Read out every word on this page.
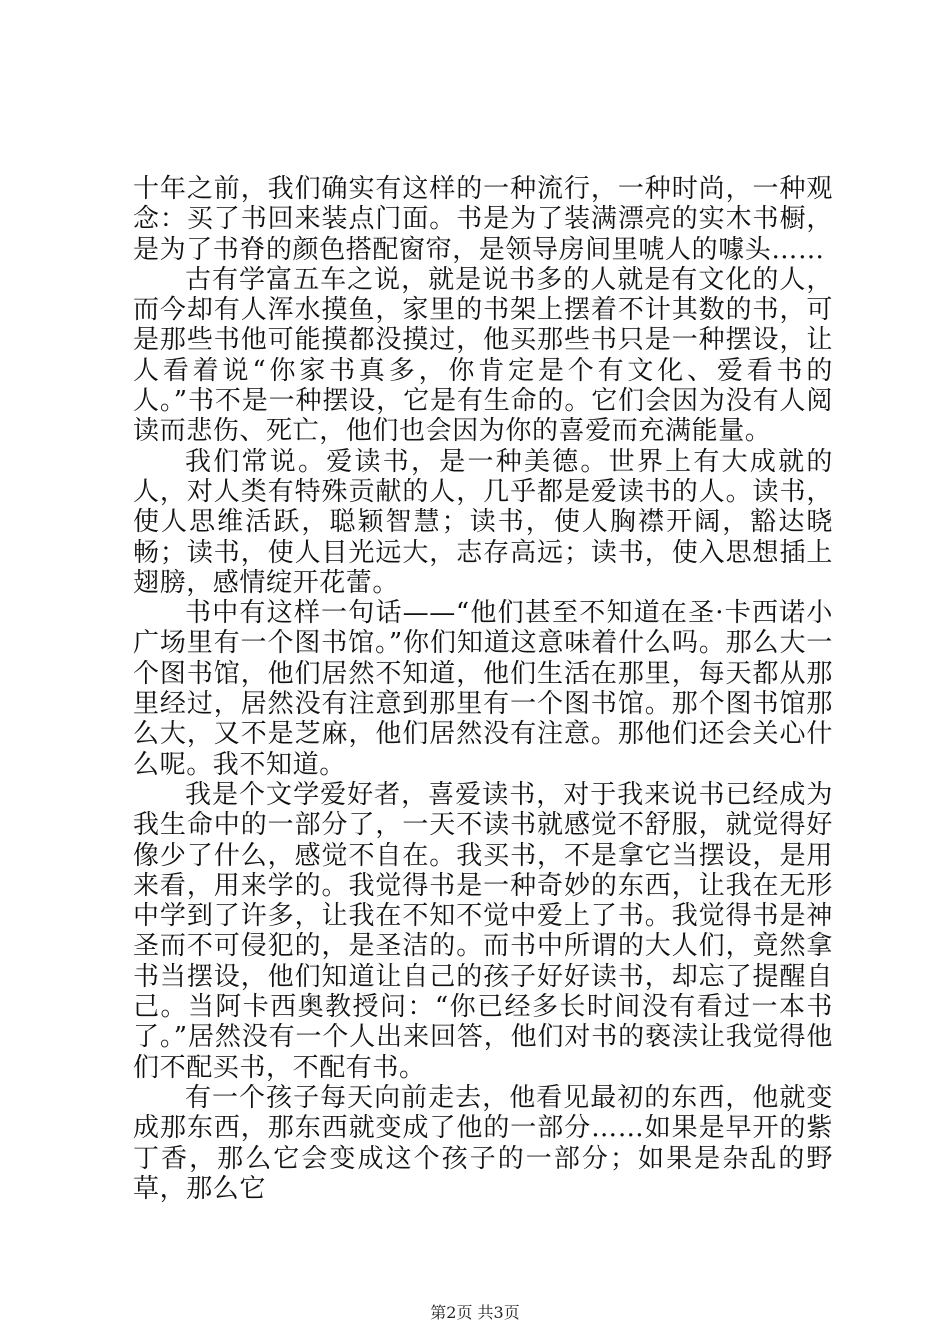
十年之前，我们确实有这样的一种流行，一种时尚，一种观念：买了书回来装点门面。书是为了装满漂亮的实木书橱，是为了书脊的颜色搭配窗帘，是领导房间里唬人的噱头……

古有学富五车之说，就是说书多的人就是有文化的人，而今却有人浑水摸鱼，家里的书架上摆着不计其数的书，可是那些书他可能摸都没摸过，他买那些书只是一种摆设，让人看着说“你家书真多，你肯定是个有文化、爱看书的人。”书不是一种摆设，它是有生命的。它们会因为没有人阅读而悲伤、死亡，他们也会因为你的喜爱而充满能量。

我们常说。爱读书，是一种美德。世界上有大成就的人，对人类有特殊贡献的人，几乎都是爱读书的人。读书，使人思维活跃，聪颖智慧；读书，使人胸襟开阔，豁达晓畅；读书，使人目光远大，志存高远；读书，使入思想插上翅膀，感情绽开花蕾。

书中有这样一句话——“他们甚至不知道在圣·卡西诺小广场里有一个图书馆。”你们知道这意味着什么吗。那么大一个图书馆，他们居然不知道，他们生活在那里，每天都从那里经过，居然没有注意到那里有一个图书馆。那个图书馆那么大，又不是芝麻，他们居然没有注意。那他们还会关心什么呢。我不知道。

我是个文学爱好者，喜爱读书，对于我来说书已经成为我生命中的一部分了，一天不读书就感觉不舒服，就觉得好像少了什么，感觉不自在。我买书，不是拿它当摆设，是用来看，用来学的。我觉得书是一种奇妙的东西，让我在无形中学到了许多，让我在不知不觉中爱上了书。我觉得书是神圣而不可侵犯的，是圣洁的。而书中所谓的大人们，竟然拿书当摆设，他们知道让自己的孩子好好读书，却忘了提醒自己。当阿卡西奥教授问：“你已经多长时间没有看过一本书了。”居然没有一个人出来回答，他们对书的亵渎让我觉得他们不配买书，不配有书。

有一个孩子每天向前走去，他看见最初的东西，他就变成那东西，那东西就变成了他的一部分……如果是早开的紫丁香，那么它会变成这个孩子的一部分；如果是杂乱的野草，那么它

第2页 共3页
